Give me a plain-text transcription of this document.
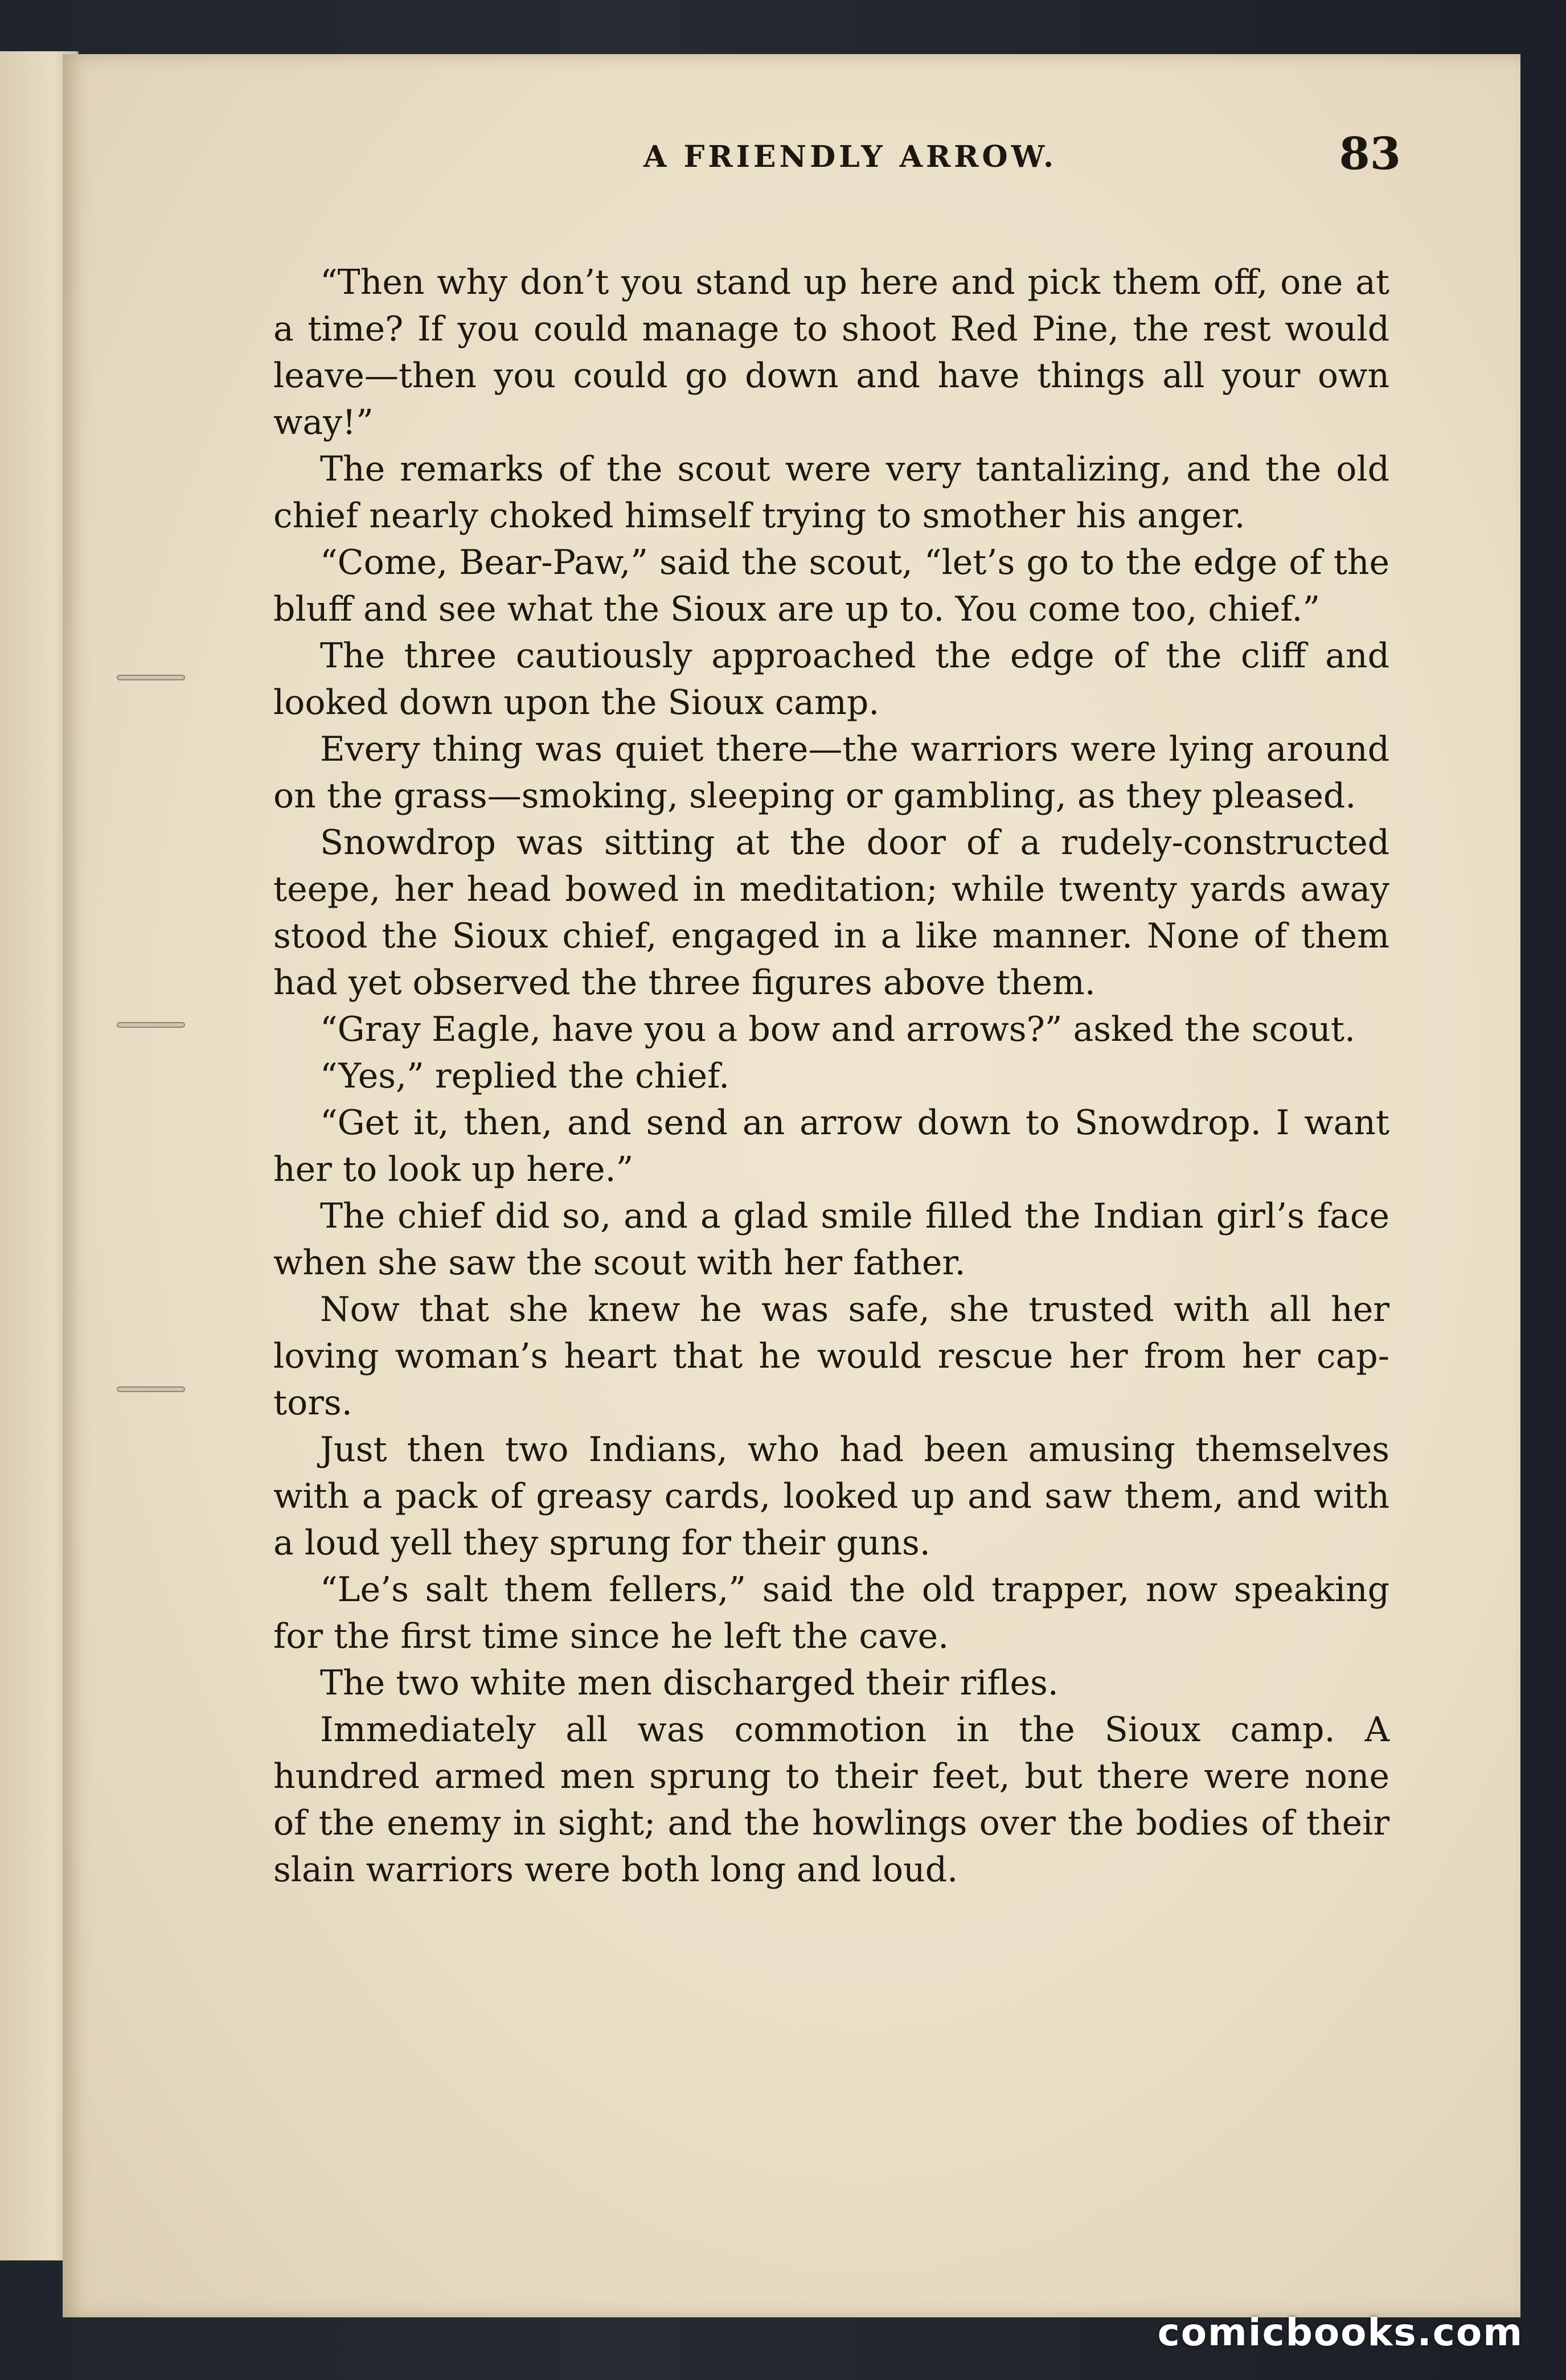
A FRIENDLY ARROW.	83

“Then why don’t you stand up here and pick them off, one at a time? If you could manage to shoot Red Pine, the rest would leave—then you could go down and have things all your own way!”

The remarks of the scout were very tantalizing, and the old chief nearly choked himself trying to smother his anger.

“Come, Bear-Paw,” said the scout, “let’s go to the edge of the bluff and see what the Sioux are up to. You come too, chief.”

The three cautiously approached the edge of the cliff and looked down upon the Sioux camp.

Every thing was quiet there—the warriors were lying around on the grass—smoking, sleeping or gambling, as they pleased.

Snowdrop was sitting at the door of a rudely-constructed teepe, her head bowed in meditation; while twenty yards away stood the Sioux chief, engaged in a like manner. None of them had yet observed the three figures above them.

“Gray Eagle, have you a bow and arrows?” asked the scout.

“Yes,” replied the chief.

“Get it, then, and send an arrow down to Snowdrop. I want her to look up here.”

The chief did so, and a glad smile filled the Indian girl’s face when she saw the scout with her father.

Now that she knew he was safe, she trusted with all her loving woman’s heart that he would rescue her from her captors.

Just then two Indians, who had been amusing themselves with a pack of greasy cards, looked up and saw them, and with a loud yell they sprung for their guns.

“Le’s salt them fellers,” said the old trapper, now speaking for the first time since he left the cave.

The two white men discharged their rifles.

Immediately all was commotion in the Sioux camp. A hundred armed men sprung to their feet, but there were none of the enemy in sight; and the howlings over the bodies of their slain warriors were both long and loud.

comicbooks.com
